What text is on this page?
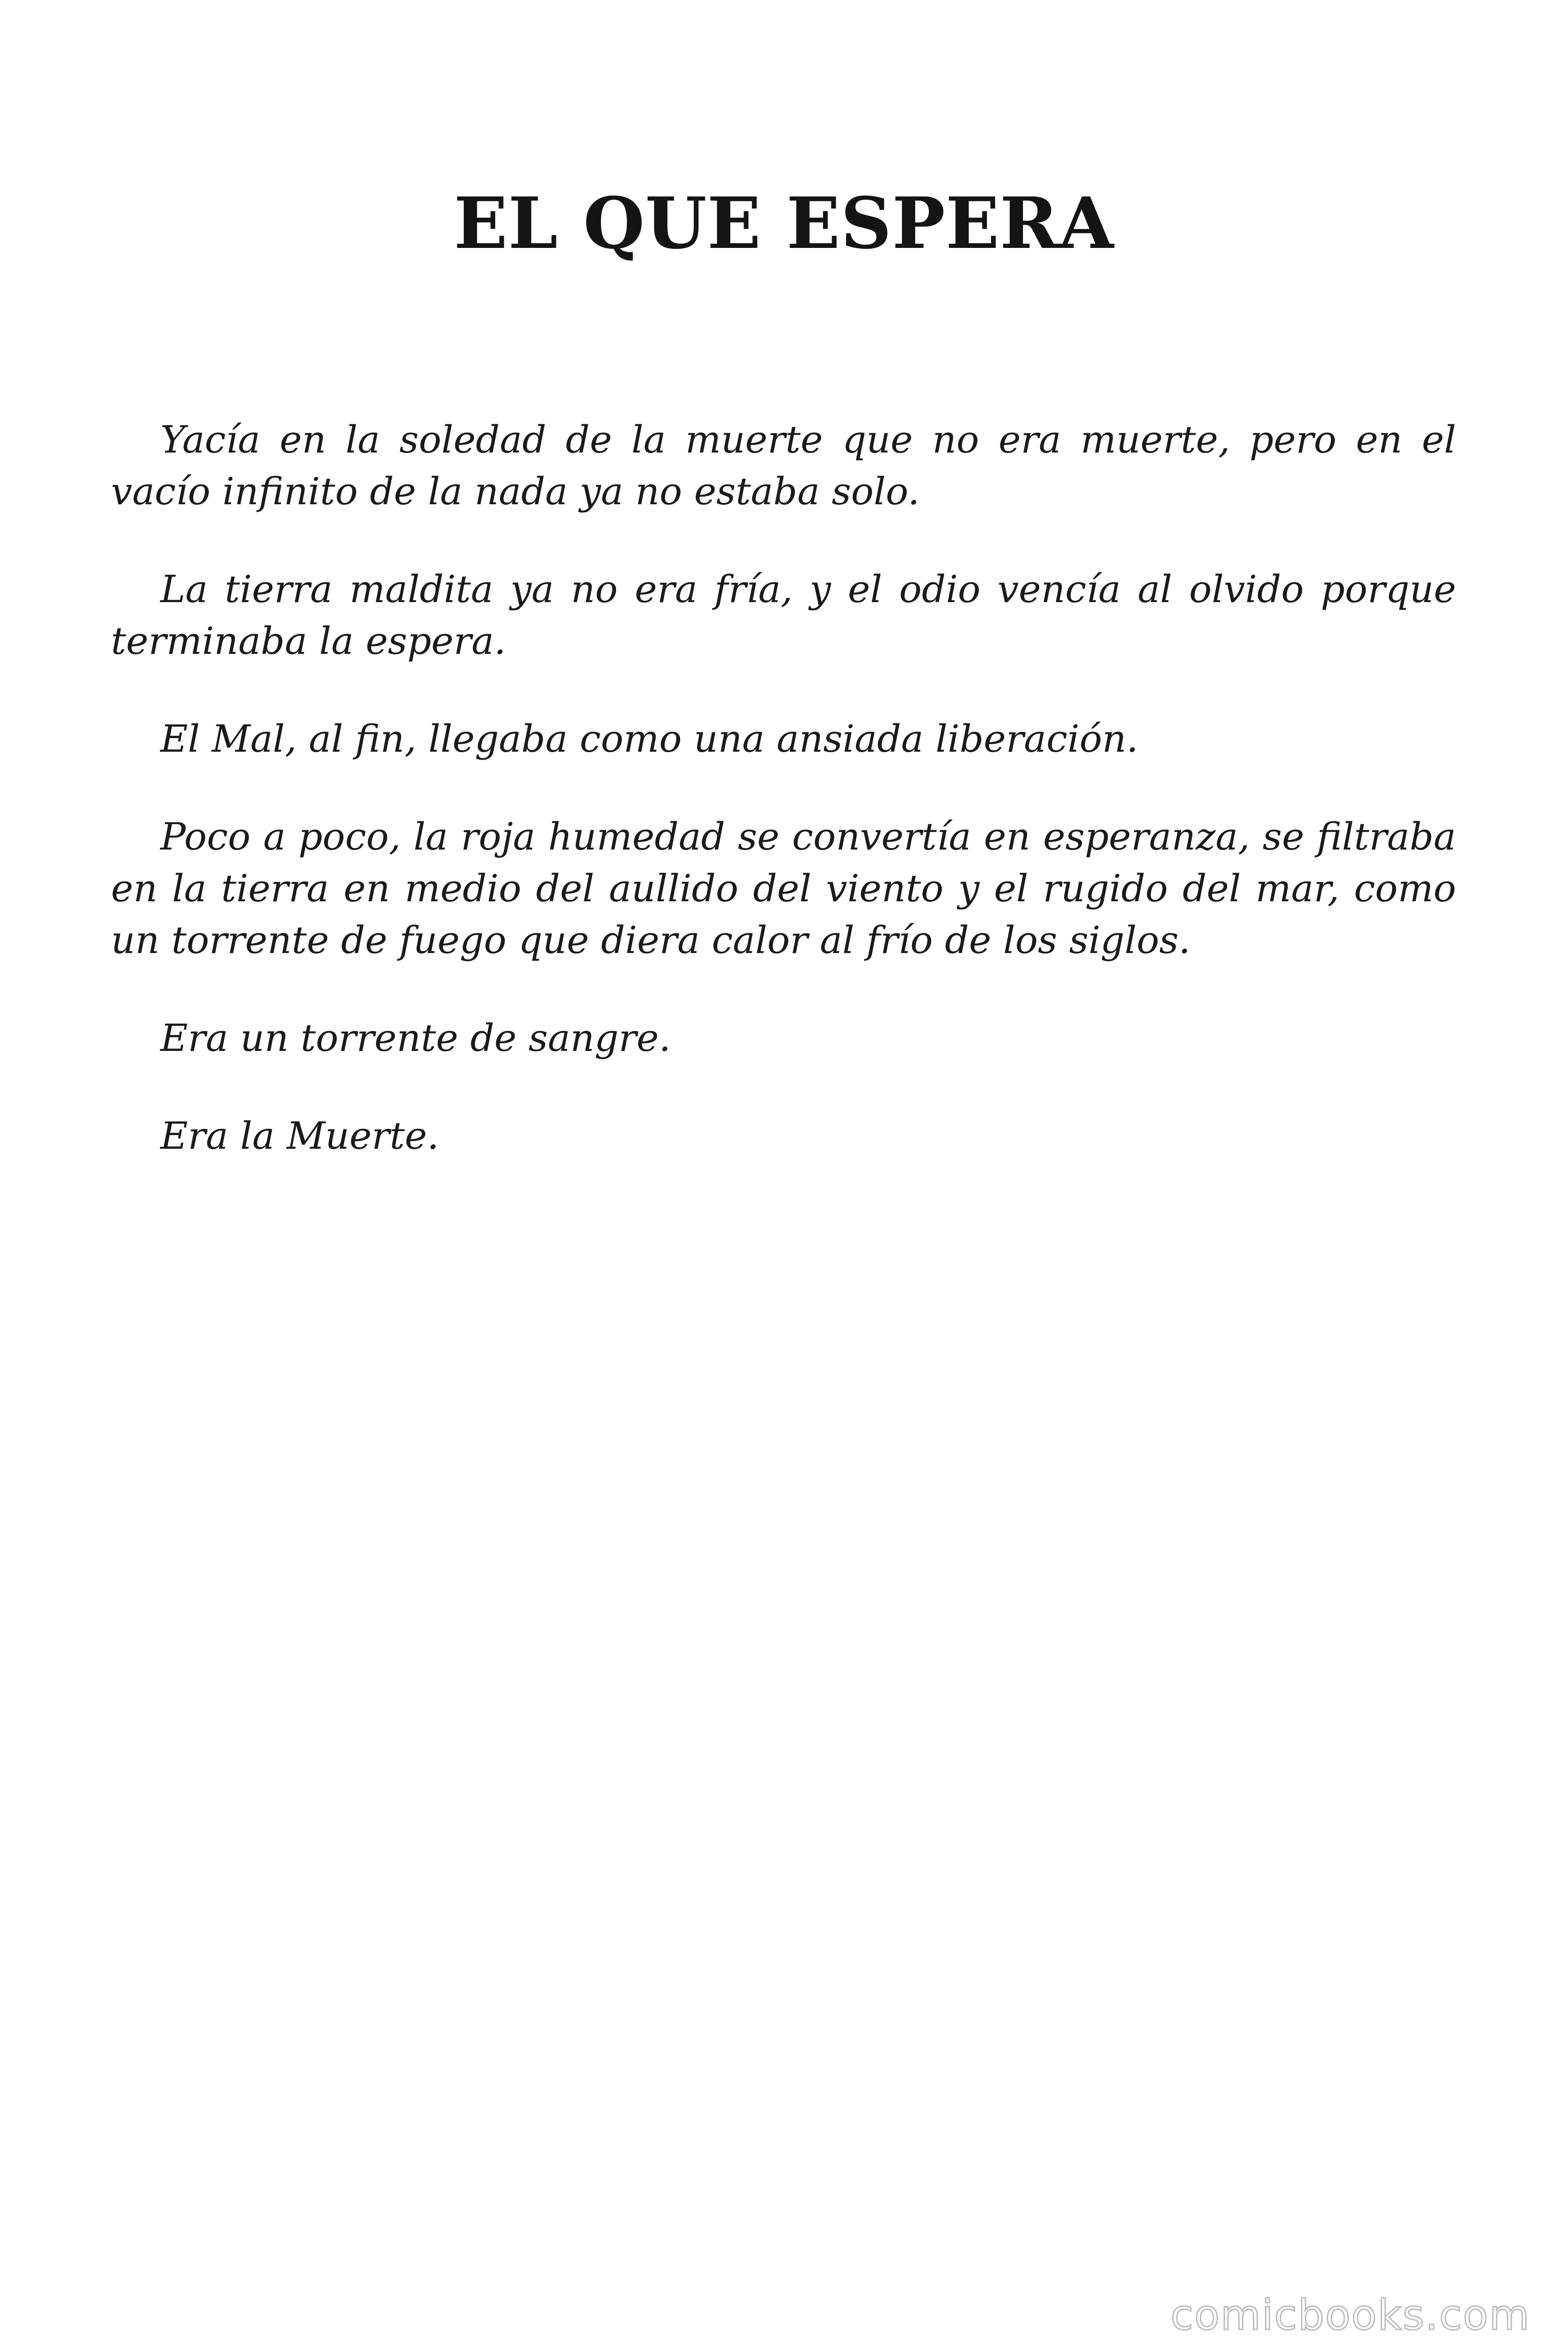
EL QUE ESPERA

Yacía en la soledad de la muerte que no era muerte, pero en el vacío infinito de la nada ya no estaba solo.

La tierra maldita ya no era fría, y el odio vencía al olvido porque terminaba la espera.

El Mal, al fin, llegaba como una ansiada liberación.

Poco a poco, la roja humedad se convertía en esperanza, se filtraba en la tierra en medio del aullido del viento y el rugido del mar, como un torrente de fuego que diera calor al frío de los siglos.

Era un torrente de sangre.

Era la Muerte.

comicbooks.com
